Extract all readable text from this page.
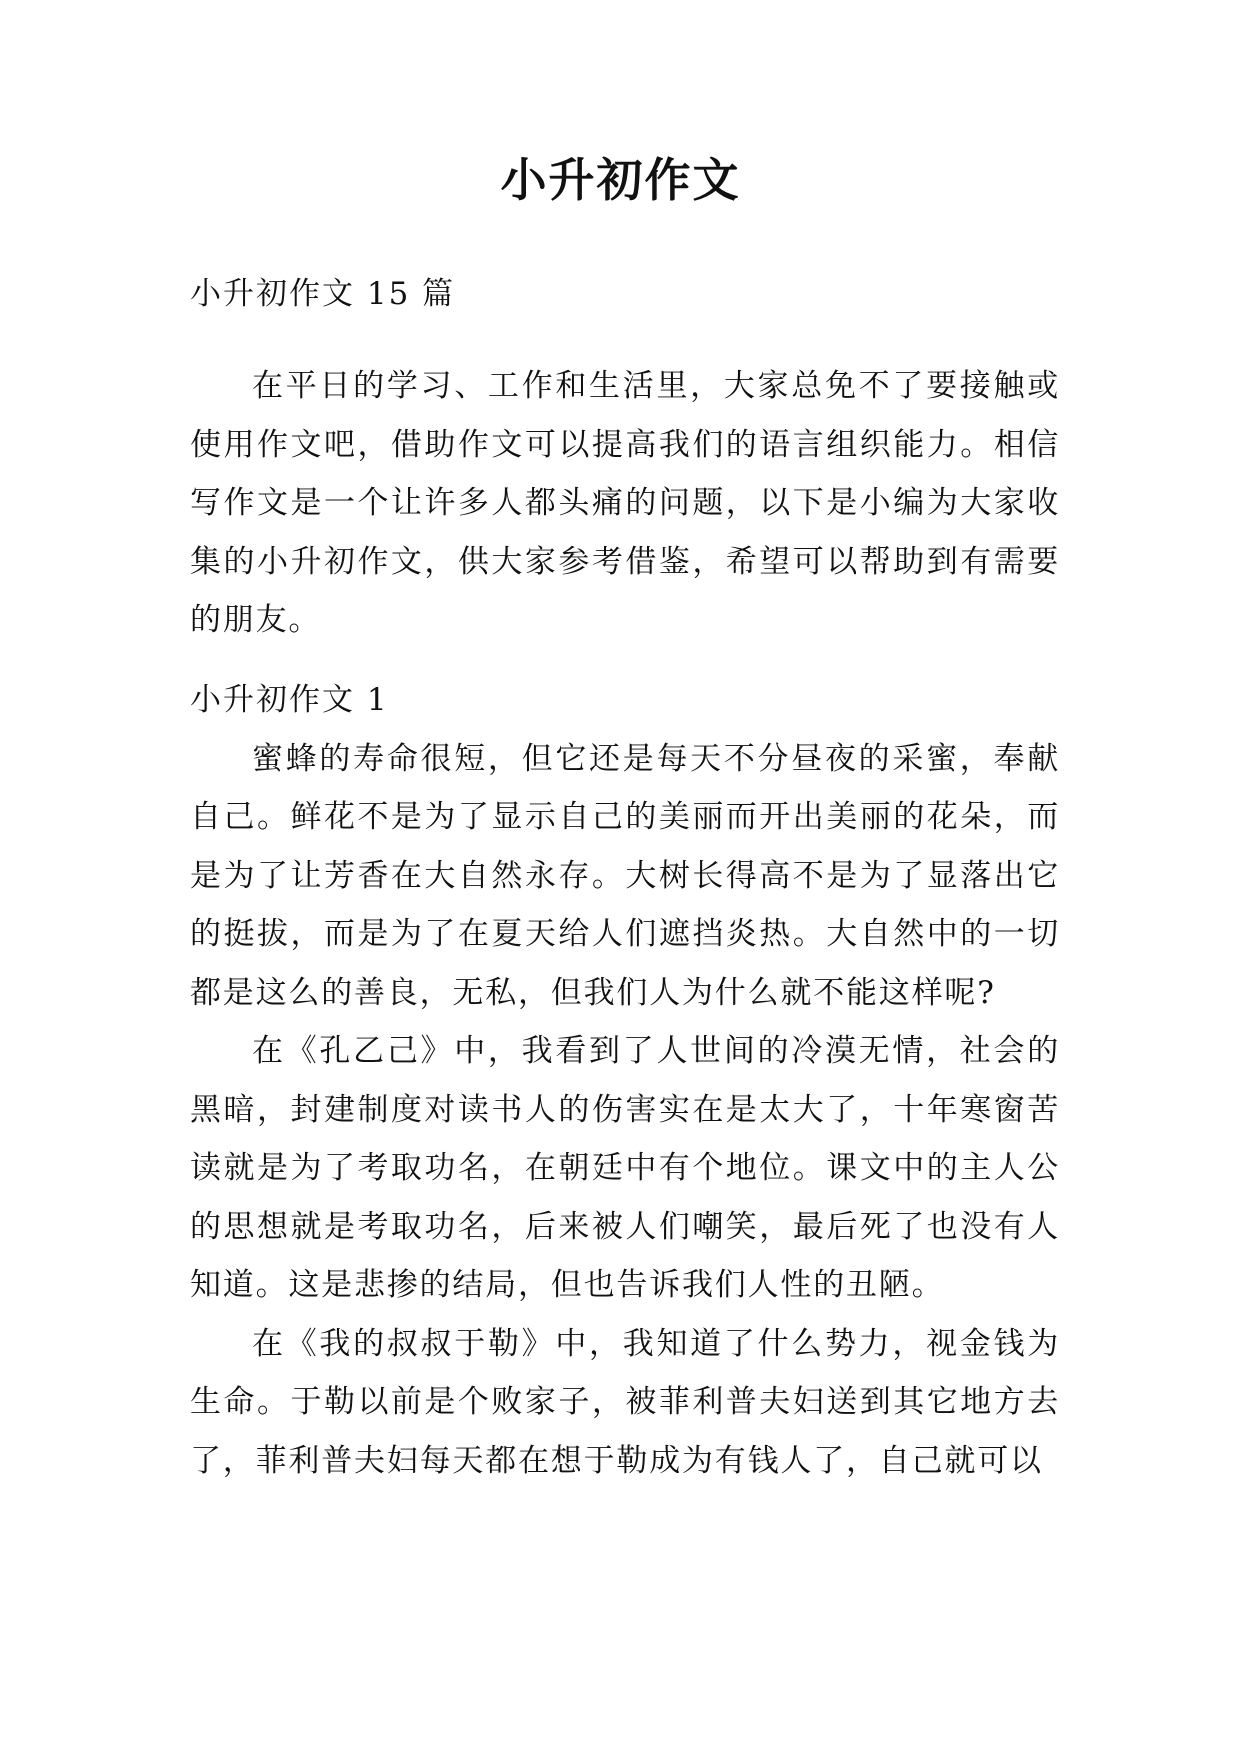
小升初作文

小升初作文 15 篇

在平日的学习、工作和生活里，大家总免不了要接触或使用作文吧，借助作文可以提高我们的语言组织能力。相信写作文是一个让许多人都头痛的问题，以下是小编为大家收集的小升初作文，供大家参考借鉴，希望可以帮助到有需要的朋友。

小升初作文 1

蜜蜂的寿命很短，但它还是每天不分昼夜的采蜜，奉献自己。鲜花不是为了显示自己的美丽而开出美丽的花朵，而是为了让芳香在大自然永存。大树长得高不是为了显落出它的挺拔，而是为了在夏天给人们遮挡炎热。大自然中的一切都是这么的善良，无私，但我们人为什么就不能这样呢?

在《孔乙己》中，我看到了人世间的冷漠无情，社会的黑暗，封建制度对读书人的伤害实在是太大了，十年寒窗苦读就是为了考取功名，在朝廷中有个地位。课文中的主人公的思想就是考取功名，后来被人们嘲笑，最后死了也没有人知道。这是悲掺的结局，但也告诉我们人性的丑陋。

在《我的叔叔于勒》中，我知道了什么势力，视金钱为生命。于勒以前是个败家子，被菲利普夫妇送到其它地方去了，菲利普夫妇每天都在想于勒成为有钱人了，自己就可以
